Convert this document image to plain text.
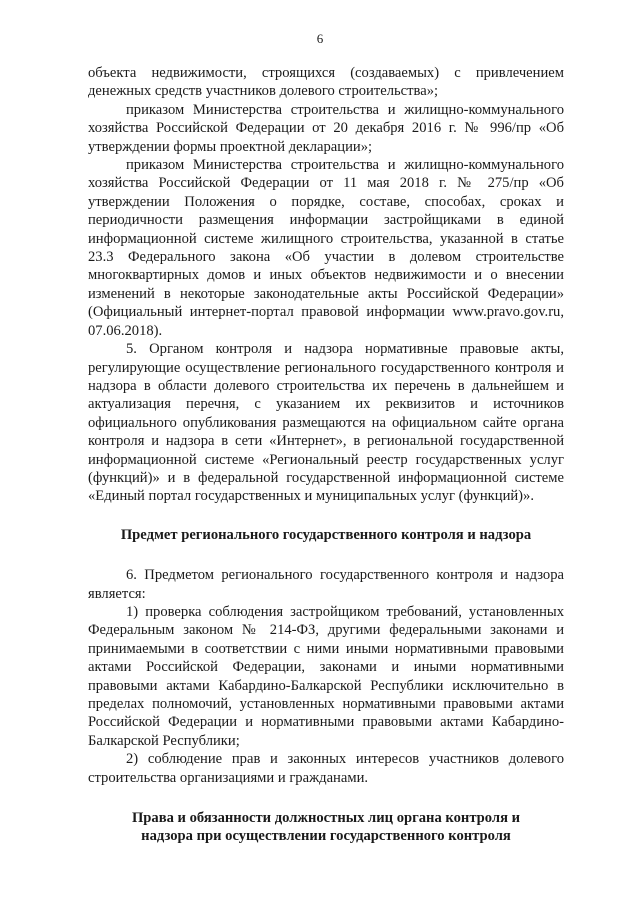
6

объекта недвижимости, строящихся (создаваемых) с привлечением денежных средств участников долевого строительства»;

приказом Министерства строительства и жилищно-коммунального хозяйства Российской Федерации от 20 декабря 2016 г. № 996/пр «Об утверждении формы проектной декларации»;

приказом Министерства строительства и жилищно-коммунального хозяйства Российской Федерации от 11 мая 2018 г. № 275/пр «Об утверждении Положения о порядке, составе, способах, сроках и периодичности размещения информации застройщиками в единой информационной системе жилищного строительства, указанной в статье 23.3 Федерального закона «Об участии в долевом строительстве многоквартирных домов и иных объектов недвижимости и о внесении изменений в некоторые законодательные акты Российской Федерации» (Официальный интернет-портал правовой информации www.pravo.gov.ru, 07.06.2018).

5. Органом контроля и надзора нормативные правовые акты, регулирующие осуществление регионального государственного контроля и надзора в области долевого строительства их перечень в дальнейшем и актуализация перечня, с указанием их реквизитов и источников официального опубликования размещаются на официальном сайте органа контроля и надзора в сети «Интернет», в региональной государственной информационной системе «Региональный реестр государственных услуг (функций)» и в федеральной государственной информационной системе «Единый портал государственных и муниципальных услуг (функций)».

Предмет регионального государственного контроля и надзора

6. Предметом регионального государственного контроля и надзора является:

1) проверка соблюдения застройщиком требований, установленных Федеральным законом № 214-ФЗ, другими федеральными законами и принимаемыми в соответствии с ними иными нормативными правовыми актами Российской Федерации, законами и иными нормативными правовыми актами Кабардино-Балкарской Республики исключительно в пределах полномочий, установленных нормативными правовыми актами Российской Федерации и нормативными правовыми актами Кабардино-Балкарской Республики;

2) соблюдение прав и законных интересов участников долевого строительства организациями и гражданами.

Права и обязанности должностных лиц органа контроля и

надзора при осуществлении государственного контроля
